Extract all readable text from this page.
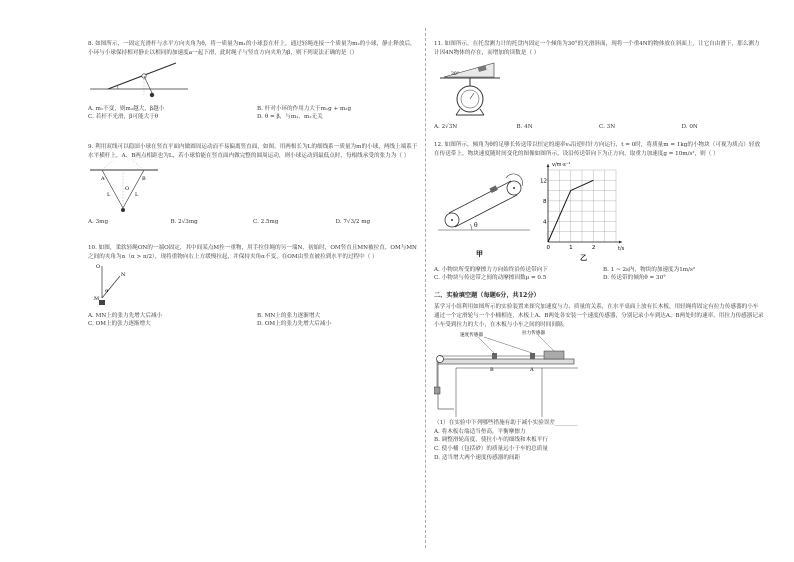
8. 如图所示，一固定光滑杆与水平方向夹角为θ，将一质量为m₁的小球套在杆上，通过轻绳连接一个质量为m₂的小球，静止释放后，小环与小球保持相对静止以相同的加速度a一起下滑，此时绳子与竖直方向夹角为β，则下列说法正确的是（）

A. m₁不变，则m₂越大，β越小	B. 杆对小环的作用力大于m₁g + m₂g
C. 若杆不光滑，β可能大于θ	D. θ = β，与m₁、m₂无关

9. 利用双线可以稳固小球在竖直平面内做圆周运动而不易偏离竖直面，如图，用两根长为L的细线系一质量为m的小球，两线上端系于水平横杆上，A、B两点相距也为L，若小球恰能在竖直面内做完整的圆周运动，则小球运动到最低点时，每根线承受的张力为（ ）

A	B
L	L
O
A. 3mg	B. 2√3mg	C. 2.5mg	D. 7√3/2 mg

10. 如图，柔软轻绳ON的一端O固定，其中间某点M拴一重物，用手拉住绳的另一端N，初始时，OM竖直且MN被拉直，OM与MN之间的夹角为α（α > π/2），现将重物向右上方缓慢拉起，并保持夹角α不变，在OM由竖直被拉到水平的过程中（ ）

O
N
M
α
A. MN上的张力先增大后减小	B. MN上的张力逐渐增大
C. OM上的张力逐渐增大	D. OM上的张力先增大后减小

11. 如图所示，在托盘测力计的托盘内固定一个倾角为30°的光滑斜面，现将一个重4N的物体放在斜面上，让它自由滑下，那么测力计因4N物体的存在，而增加的读数是（ ）

30°
A. 2√3N	B. 4N	C. 3N	D. 0N

12. 如图所示，倾角为θ的足够长传送带以恒定的速率v₀沿逆时针方向运行，t = 0时，将质量m = 1kg的小物块（可视为质点）轻放在传送带上，物块速度随时间变化的图像如图所示，设沿传送带向下为正方向，取重力加速度g = 10m/s²，则（ ）

θ
甲
0	1	2
4
8
12
v/m·s⁻¹
t/s
乙
A. 小物块所受的摩擦力方向始终沿传送带向下	B. 1 ~ 2s内，物块的加速度为1m/s²
C. 小物块与传送带之间的动摩擦因数μ = 0.5	D. 传送带的倾角θ = 30°
二、实验填空题（每题6分，共12分）

某学习小组利用如图所示的实验装置来探究加速度与力、质量的关系，在水平桌面上放有长木板，用轻绳将固定有拉力传感器的小车通过一个定滑轮与一个小桶相连，木板上A、B两处各安装一个速度传感器，分别记录小车到达A、B两处时的速率，用拉力传感器记录小车受到拉力的大小，在木板与小车之间的时间间隔。

速度传感器	拉力传感器
B	A
（1）在实验中下列哪些措施有助于减小实验误差________
A. 将木板右端适当垫高，平衡摩擦力
B. 调整滑轮高度，使拉小车的细线和木板平行
C. 使小桶（包括砂）的质量远小于车的总质量
D. 适当增大两个速度传感器的间距
